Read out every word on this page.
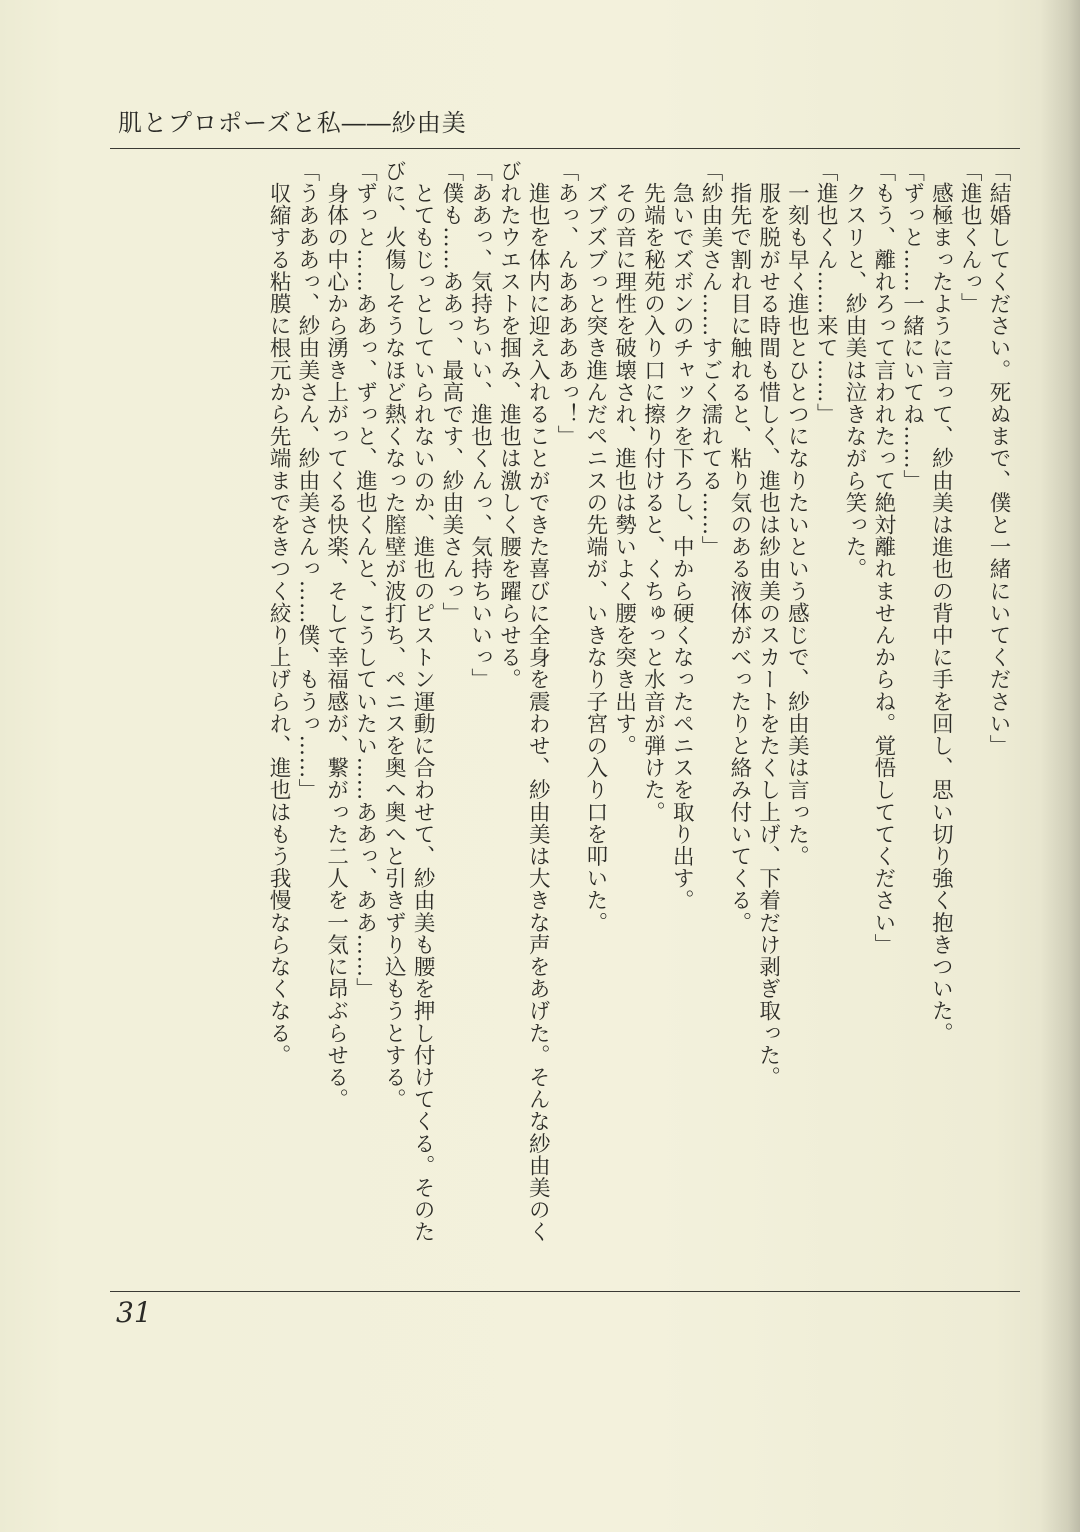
肌とプロポーズと私――紗由美

「結婚してください。死ぬまで、僕と一緒にいてください」

「進也くんっ」

　感極まったように言って、紗由美は進也の背中に手を回し、思い切り強く抱きついた。

「ずっと……一緒にいてね……」

「もう、離れろって言われたって絶対離れませんからね。覚悟しててください」

　クスリと、紗由美は泣きながら笑った。

「進也くん……来て……」

　一刻も早く進也とひとつになりたいという感じで、紗由美は言った。

　服を脱がせる時間も惜しく、進也は紗由美のスカートをたくし上げ、下着だけ剥ぎ取った。

　指先で割れ目に触れると、粘り気のある液体がべったりと絡み付いてくる。

「紗由美さん……すごく濡れてる……」

　急いでズボンのチャックを下ろし、中から硬くなったペニスを取り出す。

　先端を秘苑の入り口に擦り付けると、くちゅっと水音が弾けた。

　その音に理性を破壊され、進也は勢いよく腰を突き出す。

　ズブズブっと突き進んだペニスの先端が、いきなり子宮の入り口を叩いた。

「あっ、んあああああっ！」

　進也を体内に迎え入れることができた喜びに全身を震わせ、紗由美は大きな声をあげた。そんな紗由美のくびれたウエストを掴み、進也は激しく腰を躍らせる。

「ああっ、気持ちいい、進也くんっ、気持ちいいっ」

「僕も……ああっ、最高です、紗由美さんっ」

　とてもじっとしていられないのか、進也のピストン運動に合わせて、紗由美も腰を押し付けてくる。そのたびに、火傷しそうなほど熱くなった膣壁が波打ち、ペニスを奥へ奥へと引きずり込もうとする。

「ずっと……ああっ、ずっと、進也くんと、こうしていたい……ああっ、ああ……」

　身体の中心から湧き上がってくる快楽、そして幸福感が、繋がった二人を一気に昂ぶらせる。

「うあああっ、紗由美さん、紗由美さんっ……僕、もうっ……」

　収縮する粘膜に根元から先端までをきつく絞り上げられ、進也はもう我慢ならなくなる。

31
